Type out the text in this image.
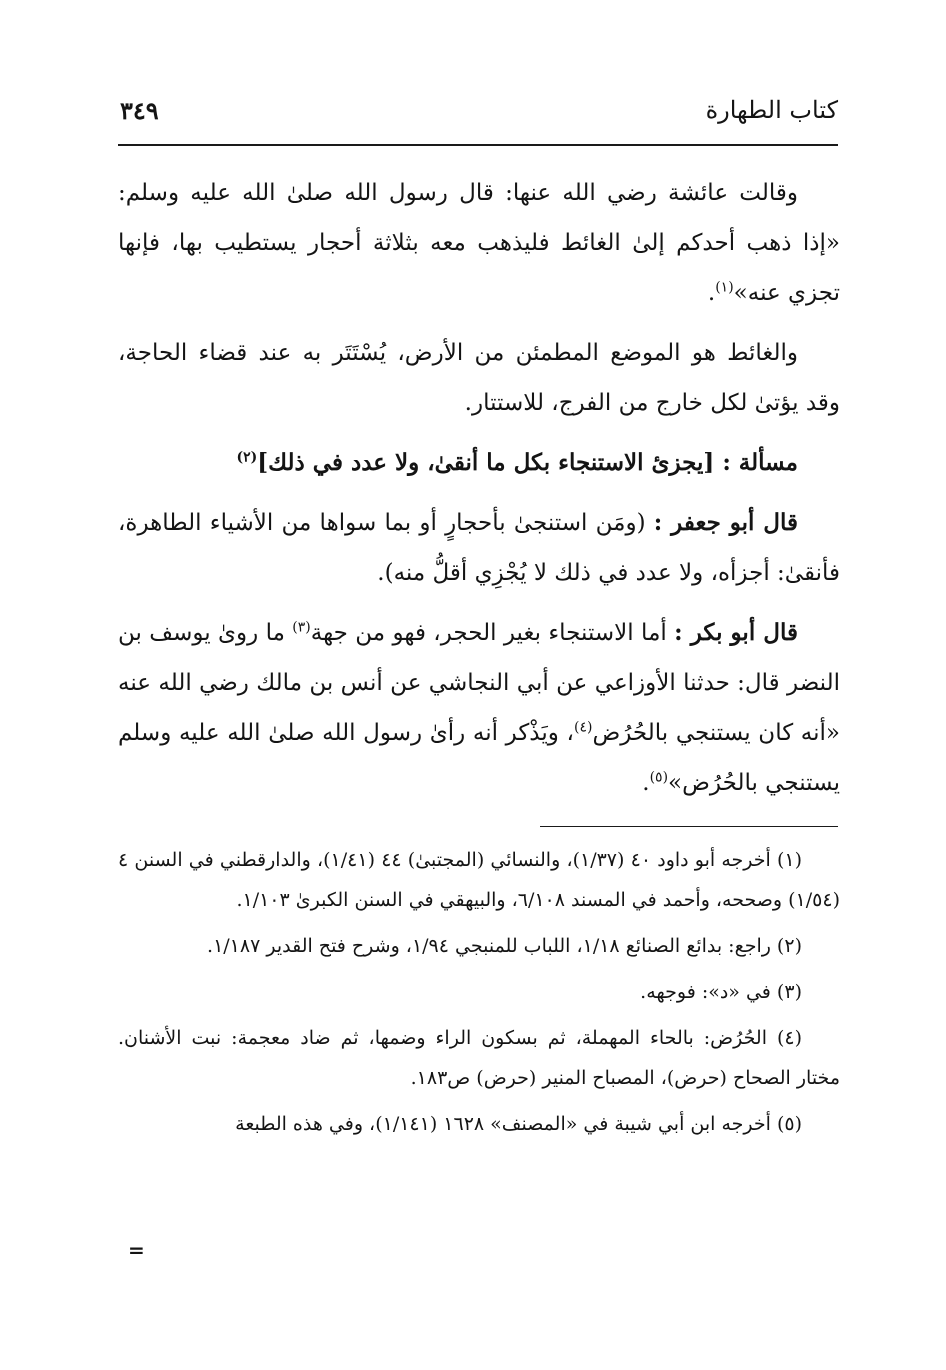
كتاب الطهارة
٣٤٩

وقالت عائشة رضي الله عنها: قال رسول الله صلىٰ الله عليه وسلم: «إذا ذهب أحدكم إلىٰ الغائط فليذهب معه بثلاثة أحجار يستطيب بها، فإنها تجزي عنه»$^{(١)}$.

والغائط هو الموضع المطمئن من الأرض، يُسْتَتَر به عند قضاء الحاجة، وقد يؤتىٰ لكل خارج من الفرج، للاستتار.

مسألة : [يجزئ الاستنجاء بكل ما أنقىٰ، ولا عدد في ذلك]$^{(٢)}$

قال أبو جعفر : (ومَن استنجىٰ بأحجارٍ أو بما سواها من الأشياء الطاهرة، فأنقىٰ: أجزأه، ولا عدد في ذلك لا يُجْزِي أقلُّ منه).

قال أبو بكر : أما الاستنجاء بغير الحجر، فهو من جهة$^{(٣)}$ ما روىٰ يوسف بن النضر قال: حدثنا الأوزاعي عن أبي النجاشي عن أنس بن مالك رضي الله عنه «أنه كان يستنجي بالحُرُض$^{(٤)}$، ويَذْكر أنه رأىٰ رسول الله صلىٰ الله عليه وسلم يستنجي بالحُرُض»$^{(٥)}$.

(١) أخرجه أبو داود ٤٠ (١/٣٧)، والنسائي (المجتبىٰ) ٤٤ (١/٤١)، والدارقطني في السنن ٤ (١/٥٤) وصححه، وأحمد في المسند ٦/١٠٨، والبيهقي في السنن الكبرىٰ ١/١٠٣.

(٢) راجع: بدائع الصنائع ١/١٨، اللباب للمنبجي ١/٩٤، وشرح فتح القدير ١/١٨٧.

(٣) في «د»: فوجهه.

(٤) الحُرُض: بالحاء المهملة، ثم بسكون الراء وضمها، ثم ضاد معجمة: نبت الأشنان. مختار الصحاح (حرض)، المصباح المنير (حرض) ص١٨٣.

(٥) أخرجه ابن أبي شيبة في «المصنف» ١٦٢٨ (١/١٤١)، وفي هذه الطبعة

=
